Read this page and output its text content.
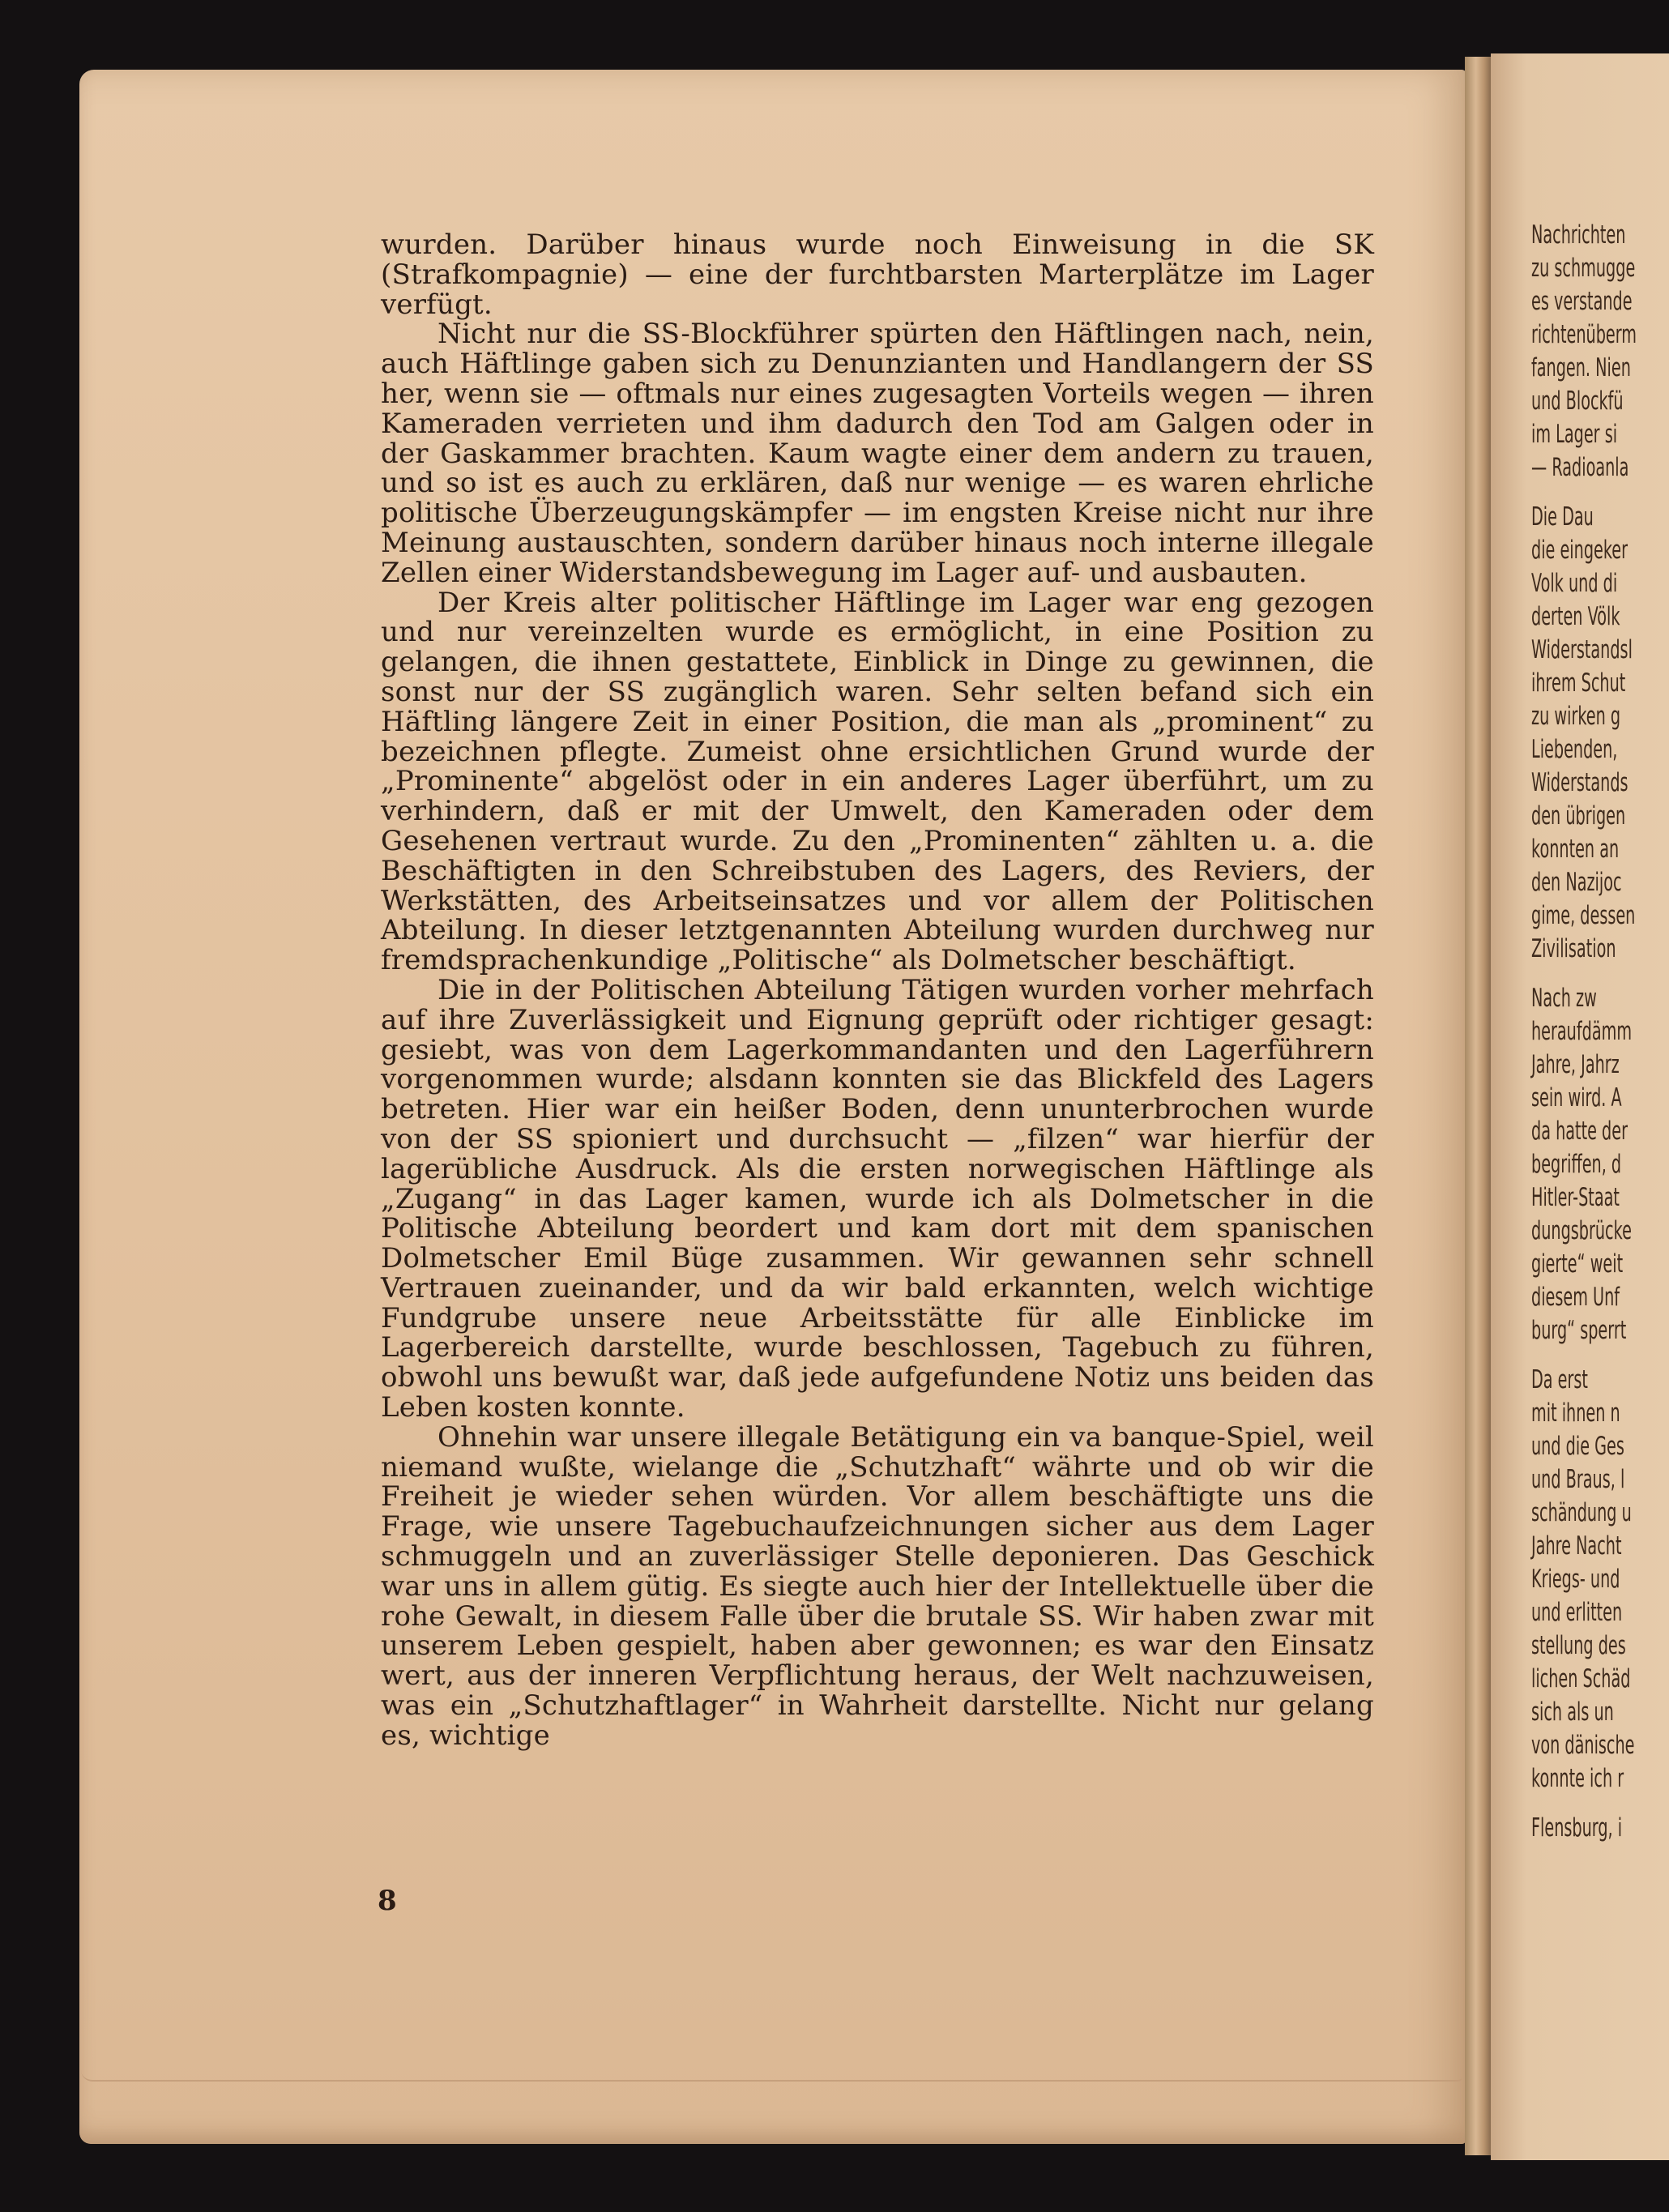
Nachrichten
zu schmugge
es verstande
richtenüberm
fangen. Nien
und Blockfü
im Lager si
— Radioanla
Die Dau
die eingeker
Volk und di
derten Völk
Widerstandsl
ihrem Schut
zu wirken g
Liebenden,
Widerstands
den übrigen
konnten an
den Nazijoc
gime, dessen
Zivilisation
Nach zw
heraufdämm
Jahre, Jahrz
sein wird. A
da hatte der
begriffen, d
Hitler-Staat
dungsbrücke
gierte“ weit
diesem Unf
burg“ sperrt
Da erst
mit ihnen n
und die Ges
und Braus, l
schändung u
Jahre Nacht
Kriegs- und
und erlitten
stellung des
lichen Schäd
sich als un
von dänische
konnte ich r
Flensburg, i

wurden. Darüber hinaus wurde noch Einweisung in die SK (Strafkompagnie) — eine der furchtbarsten Marterplätze im Lager verfügt.

Nicht nur die SS-Blockführer spürten den Häftlingen nach, nein, auch Häftlinge gaben sich zu Denunzianten und Handlangern der SS her, wenn sie — oftmals nur eines zugesagten Vorteils wegen — ihren Kameraden verrieten und ihm dadurch den Tod am Galgen oder in der Gaskammer brachten. Kaum wagte einer dem andern zu trauen, und so ist es auch zu erklären, daß nur wenige — es waren ehrliche politische Überzeugungskämpfer — im engsten Kreise nicht nur ihre Meinung austauschten, sondern darüber hinaus noch interne illegale Zellen einer Widerstandsbewegung im Lager auf- und ausbauten.

Der Kreis alter politischer Häftlinge im Lager war eng gezogen und nur vereinzelten wurde es ermöglicht, in eine Position zu gelangen, die ihnen gestattete, Einblick in Dinge zu gewinnen, die sonst nur der SS zugänglich waren. Sehr selten befand sich ein Häftling längere Zeit in einer Position, die man als „prominent“ zu bezeichnen pflegte. Zumeist ohne ersichtlichen Grund wurde der „Prominente“ abgelöst oder in ein anderes Lager überführt, um zu verhindern, daß er mit der Umwelt, den Kameraden oder dem Gesehenen vertraut wurde. Zu den „Prominenten“ zählten u. a. die Beschäftigten in den Schreibstuben des Lagers, des Reviers, der Werkstätten, des Arbeitseinsatzes und vor allem der Politischen Abteilung. In dieser letztgenannten Abteilung wurden durchweg nur fremdsprachenkundige „Politische“ als Dolmetscher beschäftigt.

Die in der Politischen Abteilung Tätigen wurden vorher mehrfach auf ihre Zuverlässigkeit und Eignung geprüft oder richtiger gesagt: gesiebt, was von dem Lagerkommandanten und den Lagerführern vorgenommen wurde; alsdann konnten sie das Blickfeld des Lagers betreten. Hier war ein heißer Boden, denn ununterbrochen wurde von der SS spioniert und durchsucht — „filzen“ war hierfür der lagerübliche Ausdruck. Als die ersten norwegischen Häftlinge als „Zugang“ in das Lager kamen, wurde ich als Dolmetscher in die Politische Abteilung beordert und kam dort mit dem spanischen Dolmetscher Emil Büge zusammen. Wir gewannen sehr schnell Vertrauen zueinander, und da wir bald erkannten, welch wichtige Fundgrube unsere neue Arbeitsstätte für alle Einblicke im Lagerbereich darstellte, wurde beschlossen, Tagebuch zu führen, obwohl uns bewußt war, daß jede aufgefundene Notiz uns beiden das Leben kosten konnte.

Ohnehin war unsere illegale Betätigung ein va banque-Spiel, weil niemand wußte, wielange die „Schutzhaft“ währte und ob wir die Freiheit je wieder sehen würden. Vor allem beschäftigte uns die Frage, wie unsere Tagebuchaufzeichnungen sicher aus dem Lager schmuggeln und an zuverlässiger Stelle deponieren. Das Geschick war uns in allem gütig. Es siegte auch hier der Intellektuelle über die rohe Gewalt, in diesem Falle über die brutale SS. Wir haben zwar mit unserem Leben gespielt, haben aber gewonnen; es war den Einsatz wert, aus der inneren Verpflichtung heraus, der Welt nachzuweisen, was ein „Schutzhaftlager“ in Wahrheit darstellte. Nicht nur gelang es, wichtige

8
